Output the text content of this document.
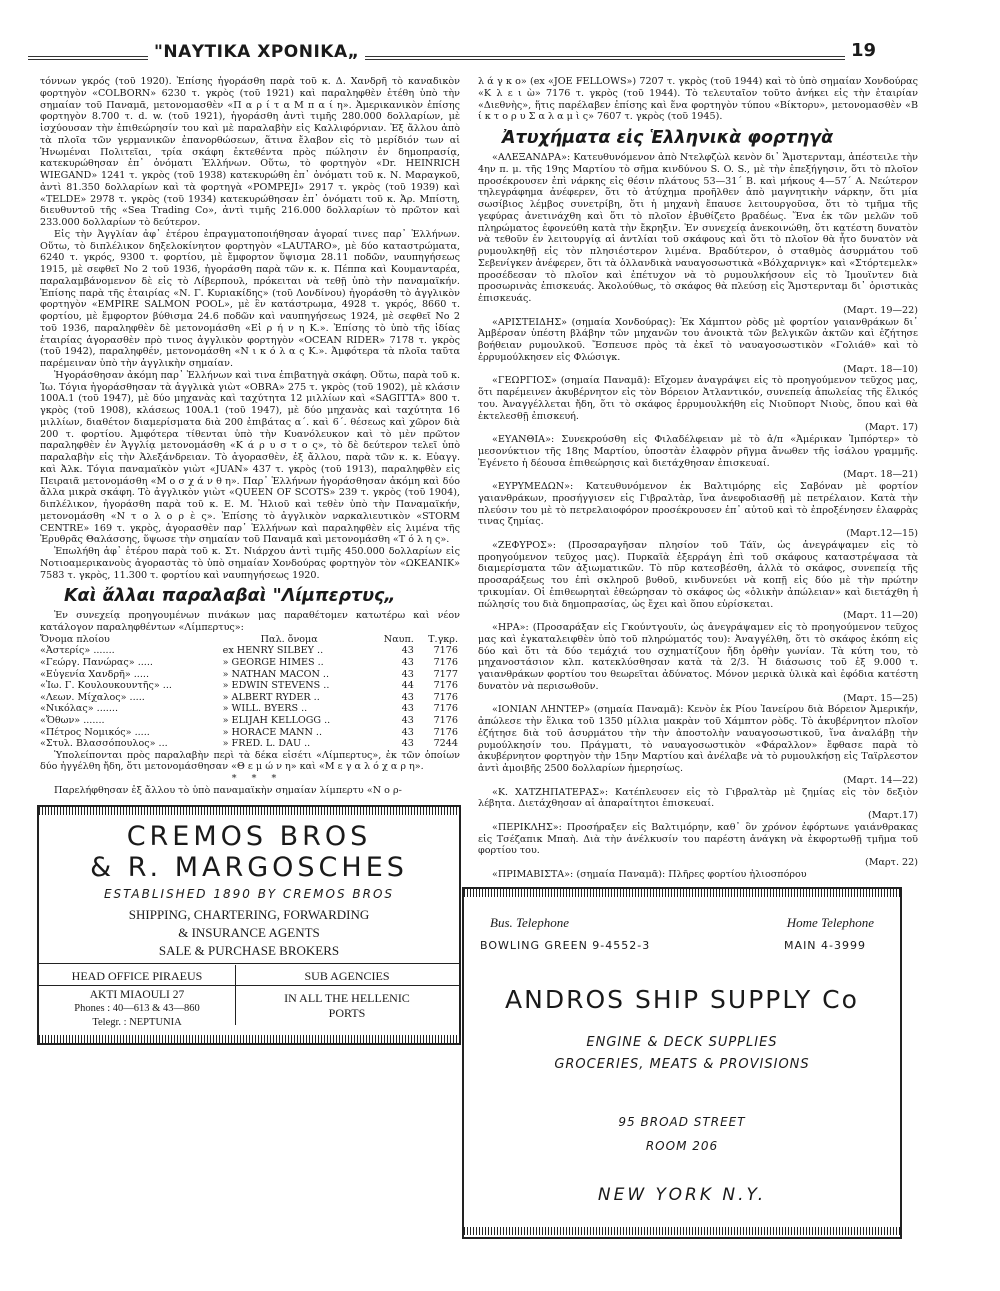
"ΝΑΥΤΙΚΑ ΧΡΟΝΙΚΑ„	19

τόννων γκρός (τοῦ 1920). Ἐπίσης ἠγοράσθη παρὰ τοῦ κ. Δ. Χανδρῆ τὸ καναδικὸν φορτηγὸν «COLBORN» 6230 τ. γκρὸς (τοῦ 1921) καὶ παραληφθὲν ἐτέθη ὑπὸ τὴν σημαίαν τοῦ Παναμᾶ, μετονομασθὲν «Π α ρ ί τ α Μ π α ί η». Ἀμερικανικὸν ἐπίσης φορτηγὸν 8.700 τ. d. w. (τοῦ 1921), ἠγοράσθη ἀντὶ τιμῆς 280.000 δολλαρίων, μὲ ἰσχύουσαν τὴν ἐπιθεώρησίν του καὶ μὲ παραλαβὴν εἰς Καλλιφόρνιαν. Ἐξ ἄλλου ἀπὸ τὰ πλοῖα τῶν γερμανικῶν ἐπανορθώσεων, ἅτινα ἔλαβον εἰς τὸ μερίδιόν των αἱ Ἡνωμέναι Πολιτεῖαι, τρία σκάφη ἐκτεθέντα πρὸς πώλησιν ἐν δημοπρασίᾳ, κατεκυρώθησαν ἐπ᾽ ὀνόματι Ἑλλήνων. Οὕτω, τὸ φορτηγὸν «Dr. HEINRICH WIEGAND» 1241 τ. γκρὸς (τοῦ 1938) κατεκυρώθη ἐπ᾽ ὀνόματι τοῦ κ. Ν. Μαραγκοῦ, ἀντὶ 81.350 δολλαρίων καὶ τὰ φορτηγὰ «POMPEJI» 2917 τ. γκρὸς (τοῦ 1939) καὶ «TELDE» 2978 τ. γκρὸς (τοῦ 1934) κατεκυρώθησαν ἐπ᾽ ὀνόματι τοῦ κ. Ἀρ. Μπίστη, διευθυντοῦ τῆς «Sea Trading Co», ἀντὶ τιμῆς 216.000 δολλαρίων τὸ πρῶτον καὶ 233.000 δολλαρίων τὸ δεύτερον.

Εἰς τὴν Ἀγγλίαν ἀφ᾽ ἑτέρου ἐπραγματοποιήθησαν ἀγοραί τινες παρ᾽ Ἑλλήνων. Οὕτω, τὸ διπλέλικον δηξελοκίνητον φορτηγὸν «LAUTARO», μὲ δύο καταστρώματα, 6240 τ. γκρός, 9300 τ. φορτίου, μὲ ἔμφορτον ὕψισμα 28.11 ποδῶν, ναυπηγήσεως 1915, μὲ σεφθεῖ Νο 2 τοῦ 1936, ἠγοράσθη παρὰ τῶν κ. κ. Πέππα καὶ Κουμανταρέα, παραλαμβάνομενον δὲ εἰς τὸ Λίβερπουλ, πρόκειται νὰ τεθῇ ὑπὸ τὴν παναμαϊκήν. Ἐπίσης παρὰ τῆς ἑταιρίας «Ν. Γ. Κυριακίδης» (τοῦ Λονδίνου) ἠγοράσθη τὸ ἀγγλικὸν φορτηγὸν «EMPIRE SALMON POOL», μὲ ἓν κατάστρωμα, 4928 τ. γκρός, 8660 τ. φορτίου, μὲ ἔμφορτον βύθισμα 24.6 ποδῶν καὶ ναυπηγήσεως 1924, μὲ σεφθεῖ Νο 2 τοῦ 1936, παραληφθὲν δὲ μετονομάσθη «Εἰ ρ ή ν η Κ.». Ἐπίσης τὸ ὑπὸ τῆς ἰδίας ἑταιρίας ἀγορασθὲν πρὸ τινος ἀγγλικὸν φορτηγὸν «OCEAN RIDER» 7178 τ. γκρὸς (τοῦ 1942), παραληφθέν, μετονομάσθη «Ν ι κ ό λ α ς Κ.». Ἀμφότερα τὰ πλοῖα ταῦτα παρέμειναν ὑπὸ τὴν ἀγγλικὴν σημαίαν.

Ἠγοράσθησαν ἀκόμη παρ᾽ Ἑλλήνων καὶ τινα ἐπιβατηγὰ σκάφη. Οὕτω, παρὰ τοῦ κ. Ἰω. Τόγια ἠγοράσθησαν τὰ ἀγγλικὰ γιὼτ «OBRA» 275 τ. γκρὸς (τοῦ 1902), μὲ κλάσιν 100Α.1 (τοῦ 1947), μὲ δύο μηχανὰς καὶ ταχύτητα 12 μιλλίων καὶ «SAGITTA» 800 τ. γκρὸς (τοῦ 1908), κλάσεως 100Α.1 (τοῦ 1947), μὲ δύο μηχανὰς καὶ ταχύτητα 16 μιλλίων, διαθέτον διαμερίσματα διὰ 200 ἐπιβάτας α´. καὶ 6´. θέσεως καὶ χῶρον διὰ 200 τ. φορτίου. Ἀμφότερα τίθενται ὑπὸ τὴν Κυανόλευκον καὶ τὸ μὲν πρῶτον παραληφθὲν ἐν Ἀγγλίᾳ μετονομάσθη «Κ ά ρ υ σ τ ο ς», τὸ δὲ δεύτερον τελεῖ ὑπὸ παραλαβὴν εἰς τὴν Ἀλεξάνδρειαν. Τὸ ἀγορασθὲν, ἐξ ἄλλου, παρὰ τῶν κ. κ. Εὐαγγ. καὶ Ἀλκ. Τόγια παναμαϊκὸν γιὼτ «JUAN» 437 τ. γκρὸς (τοῦ 1913), παραληφθὲν εἰς Πειραιᾶ μετονομάσθη «Μ ο σ χ ά ν θ η». Παρ᾽ Ἑλλήνων ἠγοράσθησαν ἀκόμη καὶ δύο ἄλλα μικρὰ σκάφη. Τὸ ἀγγλικὸν γιὼτ «QUEEN OF SCOTS» 239 τ. γκρὸς (τοῦ 1904), διπλέλικον, ἠγοράσθη παρὰ τοῦ κ. Ε. Μ. Ἠλιοῦ καὶ τεθὲν ὑπὸ τὴν Παναμαϊκήν, μετονομάσθη «Ν τ ο λ ο ρ ὲ ς». Ἐπίσης τὸ ἀγγλικὸν ναρκαλιευτικὸν «STORM CENTRE» 169 τ. γκρὸς, ἀγορασθὲν παρ᾽ Ἑλλήνων καὶ παραληφθὲν εἰς λιμένα τῆς Ἐρυθρᾶς Θαλάσσης, ὕψωσε τὴν σημαίαν τοῦ Παναμᾶ καὶ μετονομάσθη «Τ ό λ η ς».

Ἐπωλήθη ἀφ᾽ ἑτέρου παρὰ τοῦ κ. Στ. Νιάρχου ἀντὶ τιμῆς 450.000 δολλαρίων εἰς Νοτιοαμερικανοὺς ἀγοραστὰς τὸ ὑπὸ σημαίαν Χονδούρας φορτηγὸν τὸν «ΩΚΕΑΝΙΚ» 7583 τ. γκρὸς, 11.300 τ. φορτίου καὶ ναυπηγήσεως 1920.

Καὶ ἄλλαι παραλαβαὶ "Λίμπερτυς„

Ἐν συνεχείᾳ προηγουμένων πινάκων μας παραθέτομεν κατωτέρω καὶ νέον κατάλογον παραληφθέντων «Λίμπερτυς»:

Ὄνομα πλοίου	Παλ. ὄνομα	Ναυπ.	Τ.γκρ.
«Ἀστερίς» .......	ex HENRY SILBEY ..	43	7176
«Γεώργ. Πανώρας» .....	» GEORGE HIMES ..	43	7176
«Εὐγενία Χανδρῆ» .....	» NATHAN MACON ..	43	7177
«Ἰω. Γ. Κουλουκουντῆς» ...	» EDWIN STEVENS ..	44	7176
«Λεων. Μίχαλος» .....	» ALBERT RYDER ..	43	7176
«Νικόλας» .......	» WILL. BYERS ..	43	7176
«Ὄθων» .......	» ELIJAH KELLOGG ..	43	7176
«Πέτρος Νομικός» .....	» HORACE MANN ..	43	7176
«Στυλ. Βλασσόπουλος» ...	» FRED. L. DAU ..	43	7244

Ὑπολείπονται πρὸς παραλαβὴν περὶ τὰ δέκα εἰσέτι «Λίμπερτυς», ἐκ τῶν ὁποίων δύο ἠγγέλθη ἤδη, ὅτι μετονομάσθησαν «Θ ε μ ώ ν η» καὶ «Μ ε γ α λ ό χ α ρ η».

* * *

Παρελήφθησαν ἐξ ἄλλου τὸ ὑπὸ παναμαϊκὴν σημαίαν λίμπερτυ «Ν ο ρ-

λ ά γ κ ο» (ex «JOE FELLOWS») 7207 τ. γκρὸς (τοῦ 1944) καὶ τὸ ὑπὸ σημαίαν Χονδούρας «Κ λ ε ι ὼ» 7176 τ. γκρὸς (τοῦ 1944). Τὸ τελευταῖον τοῦτο ἀνήκει εἰς τὴν ἑταιρίαν «Διεθνὴς», ἥτις παρέλαβεν ἐπίσης καὶ ἕνα φορτηγὸν τύπου «Βίκτορυ», μετονομασθὲν «Β ί κ τ ο ρ υ Σ α λ α μ ὶ ς» 7607 τ. γκρὸς (τοῦ 1945).

Ἀτυχήματα εἰς Ἑλληνικὰ φορτηγὰ

«ΑΛΕΞΑΝΔΡΑ»: Κατευθυνόμενον ἀπὸ Ντελφζὼλ κενὸν δι᾽ Ἄμστερνταμ, ἀπέστειλε τὴν 4ην π. μ. τῆς 19ης Μαρτίου τὸ σῆμα κινδύνου S. O. S., μὲ τὴν ἐπεξήγησιν, ὅτι τὸ πλοῖον προσέκρουσεν ἐπὶ νάρκης εἰς θέσιν πλάτους 53—31´ Β. καὶ μήκους 4—57´ Α. Νεώτερον τηλεγράφημα ἀνέφερεν, ὅτι τὸ ἀτύχημα προῆλθεν ἀπὸ μαγνητικὴν νάρκην, ὅτι μία σωσίβιος λέμβος συνετρίβη, ὅτι ἡ μηχανὴ ἔπαυσε λειτουργοῦσα, ὅτι τὸ τμῆμα τῆς γεφύρας ἀνετινάχθη καὶ ὅτι τὸ πλοῖον ἐβυθίζετο βραδέως. Ἕνα ἐκ τῶν μελῶν τοῦ πληρώματος ἐφονεύθη κατὰ τὴν ἔκρηξιν. Ἐν συνεχείᾳ ἀνεκοινώθη, ὅτι κατέστη δυνατὸν νὰ τεθοῦν ἐν λειτουργίᾳ αἱ ἀντλίαι τοῦ σκάφους καὶ ὅτι τὸ πλοῖον θὰ ἦτο δυνατὸν νὰ ρυμουλκηθῇ εἰς τὸν πλησιέστερον λιμένα. Βραδύτερον, ὁ σταθμὸς ἀσυρμάτου τοῦ Σεβενίγκεν ἀνέφερεν, ὅτι τὰ ὁλλανδικὰ ναυαγοσωστικὰ «Βόλχαρνιγκ» καὶ «Στόρτεμελκ» προσέδεσαν τὸ πλοῖον καὶ ἐπέτυχον νὰ τὸ ρυμουλκήσουν εἰς τὸ Ἰμουϊντεν διὰ προσωρινὰς ἐπισκευάς. Ἀκολούθως, τὸ σκάφος θὰ πλεύσῃ εἰς Ἄμστερνταμ δι᾽ ὁριστικὰς ἐπισκευάς.

(Μαρτ. 19—22)

«ΑΡΙΣΤΕΙΔΗΣ» (σημαία Χονδούρας): Ἐκ Χάμπτον ρὸδς μὲ φορτίον γαιανθράκων δι᾽ Ἀμβέρσαν ὑπέστη βλάβην τῶν μηχανῶν του ἀνοικτὰ τῶν βελγικῶν ἀκτῶν καὶ ἐζήτησε βοήθειαν ρυμουλκοῦ. Ἔσπευσε πρὸς τὰ ἐκεῖ τὸ ναυαγοσωστικὸν «Γολιάθ» καὶ τὸ ἐρρυμούλκησεν εἰς Φλώσιγκ.

(Μαρτ. 18—10)

«ΓΕΩΡΓΙΟΣ» (σημαία Παναμᾶ): Εἴχομεν ἀναγράψει εἰς τὸ προηγούμενον τεῦχος μας, ὅτι παρέμεινεν ἀκυβέρνητον εἰς τὸν Βόρειον Ἀτλαντικόν, συνεπείᾳ ἀπωλείας τῆς ἕλικός του. Ἀναγγέλλεται ἤδη, ὅτι τὸ σκάφος ἐρρυμουλκήθη εἰς Νιοῦπορτ Νιοὺς, ὅπου καὶ θὰ ἐκτελεσθῇ ἐπισκευή.

(Μαρτ. 17)

«ΕΥΑΝΘΙΑ»: Συνεκρούσθη εἰς Φιλαδέλφειαν μὲ τὸ ἀ/π «Ἀμέρικαν Ἰμπόρτερ» τὸ μεσονύκτιον τῆς 18ης Μαρτίου, ὑποστὰν ἐλαφρὸν ρῆγμα ἄνωθεν τῆς ἰσάλου γραμμῆς. Ἐγένετο ἡ δέουσα ἐπιθεώρησις καὶ διετάχθησαν ἐπισκευαί.

(Μαρτ. 18—21)

«ΕΥΡΥΜΕΔΩΝ»: Κατευθυνόμενον ἐκ Βαλτιμόρης εἰς Σαβόναν μὲ φορτίον γαιανθράκων, προσήγγισεν εἰς Γιβραλτὰρ, ἵνα ἀνεφοδιασθῇ μὲ πετρέλαιον. Κατὰ τὴν πλεύσιν του μὲ τὸ πετρελαιοφόρον προσέκρουσεν ἐπ᾽ αὐτοῦ καὶ τὸ ἐπροξένησεν ἐλαφρὰς τινας ζημίας.

(Μαρτ.12—15)

«ΖΕΦΥΡΟΣ»: (Προσαραγῆσαν πλησίον τοῦ Τάϊν, ὡς ἀνεγράψαμεν εἰς τὸ προηγούμενον τεῦχος μας). Πυρκαϊὰ ἐξερράγη ἐπὶ τοῦ σκάφους καταστρέψασα τὰ διαμερίσματα τῶν ἀξιωματικῶν. Τὸ πῦρ κατεσβέσθη, ἀλλὰ τὸ σκάφος, συνεπείᾳ τῆς προσαράξεως του ἐπὶ σκληροῦ βυθοῦ, κινδυνεύει νὰ κοπῇ εἰς δύο μὲ τὴν πρώτην τρικυμίαν. Οἱ ἐπιθεωρηταὶ ἐθεώρησαν τὸ σκάφος ὡς «ὁλικὴν ἀπώλειαν» καὶ διετάχθη ἡ πώλησίς του διὰ δημοπρασίας, ὡς ἔχει καὶ ὅπου εὑρίσκεται.

(Μαρτ. 11—20)

«ΗΡΑ»: (Προσαράξαν εἰς Γκούντγουϊν, ὡς ἀνεγράψαμεν εἰς τὸ προηγούμενον τεῦχος μας καὶ ἐγκαταλειφθὲν ὑπὸ τοῦ πληρώματός του): Ἀναγγέλθη, ὅτι τὸ σκάφος ἐκόπη εἰς δύο καὶ ὅτι τὰ δύο τεμάχιά του σχηματίζουν ἤδη ὀρθὴν γωνίαν. Τὰ κύτη του, τὸ μηχανοστάσιον κλπ. κατεκλύσθησαν κατὰ τὰ 2/3. Ἡ διάσωσις τοῦ ἐξ 9.000 τ. γαιανθράκων φορτίου του θεωρεῖται ἀδύνατος. Μόνον μερικὰ ὑλικὰ καὶ ἐφόδια κατέστη δυνατὸν νὰ περισωθοῦν.

(Μαρτ. 15—25)

«ΙΟΝΙΑΝ ΛΗΝΤΕΡ» (σημαία Παναμᾶ): Κενὸν ἐκ Ρίου Ἰανείρου διὰ Βόρειον Ἀμερικήν, ἀπώλεσε τὴν ἕλικα τοῦ 1350 μίλλια μακρὰν τοῦ Χάμπτον ρὸδς. Τὸ ἀκυβέρνητον πλοῖον ἐζήτησε διὰ τοῦ ἀσυρμάτου τὴν τὴν ἀποστολὴν ναυαγοσωστικοῦ, ἵνα ἀναλάβῃ τὴν ρυμούλκησίν του. Πράγματι, τὸ ναυαγοσωστικὸν «Φάραλλον» ἔφθασε παρὰ τὸ ἀκυβέρνητον φορτηγὸν τὴν 15ην Μαρτίου καὶ ἀνέλαβε νὰ τὸ ρυμουλκήσῃ εἰς Ταϊρλεστον ἀντὶ ἀμοιβῆς 2500 δολλαρίων ἡμερησίως.

(Μαρτ. 14—22)

«Κ. ΧΑΤΖΗΠΑΤΕΡΑΣ»: Κατέπλευσεν εἰς τὸ Γιβραλτὰρ μὲ ζημίας εἰς τὸν δεξιὸν λέβητα. Διετάχθησαν αἱ ἀπαραίτητοι ἐπισκευαί.

(Μαρτ.17)

«ΠΕΡΙΚΛΗΣ»: Προσήραξεν εἰς Βαλτιμόρην, καθ᾽ ὃν χρόνον ἐφόρτωνε γαιάνθρακας εἰς Τσέζαπικ Μπαὴ. Διὰ τὴν ἀνέλκυσίν του παρέστη ἀνάγκη νὰ ἐκφορτωθῇ τμῆμα τοῦ φορτίου του.

(Μαρτ. 22)

«ΠΡΙΜΑΒΙΣΤΑ»: (σημαία Παναμᾶ): Πλῆρες φορτίου ἠλιοσπόρου

CREMOS BROS
& R. MARGOSCHES
ESTABLISHED 1890 BY CREMOS BROS
SHIPPING, CHARTERING, FORWARDING
& INSURANCE AGENTS
SALE & PURCHASE BROKERS
HEAD OFFICE PIRAEUS
AKTI MIAOULI 27
Phones : 40—613 & 43—860
Telegr. : NEPTUNIA
SUB AGENCIES
IN ALL THE HELLENIC
PORTS
Bus. Telephone	Home Telephone
BOWLING GREEN 9-4552-3	MAIN 4-3999
ANDROS SHIP SUPPLY Co
ENGINE & DECK SUPPLIES
GROCERIES, MEATS & PROVISIONS
95 BROAD STREET
ROOM 206
NEW YORK N.Y.
